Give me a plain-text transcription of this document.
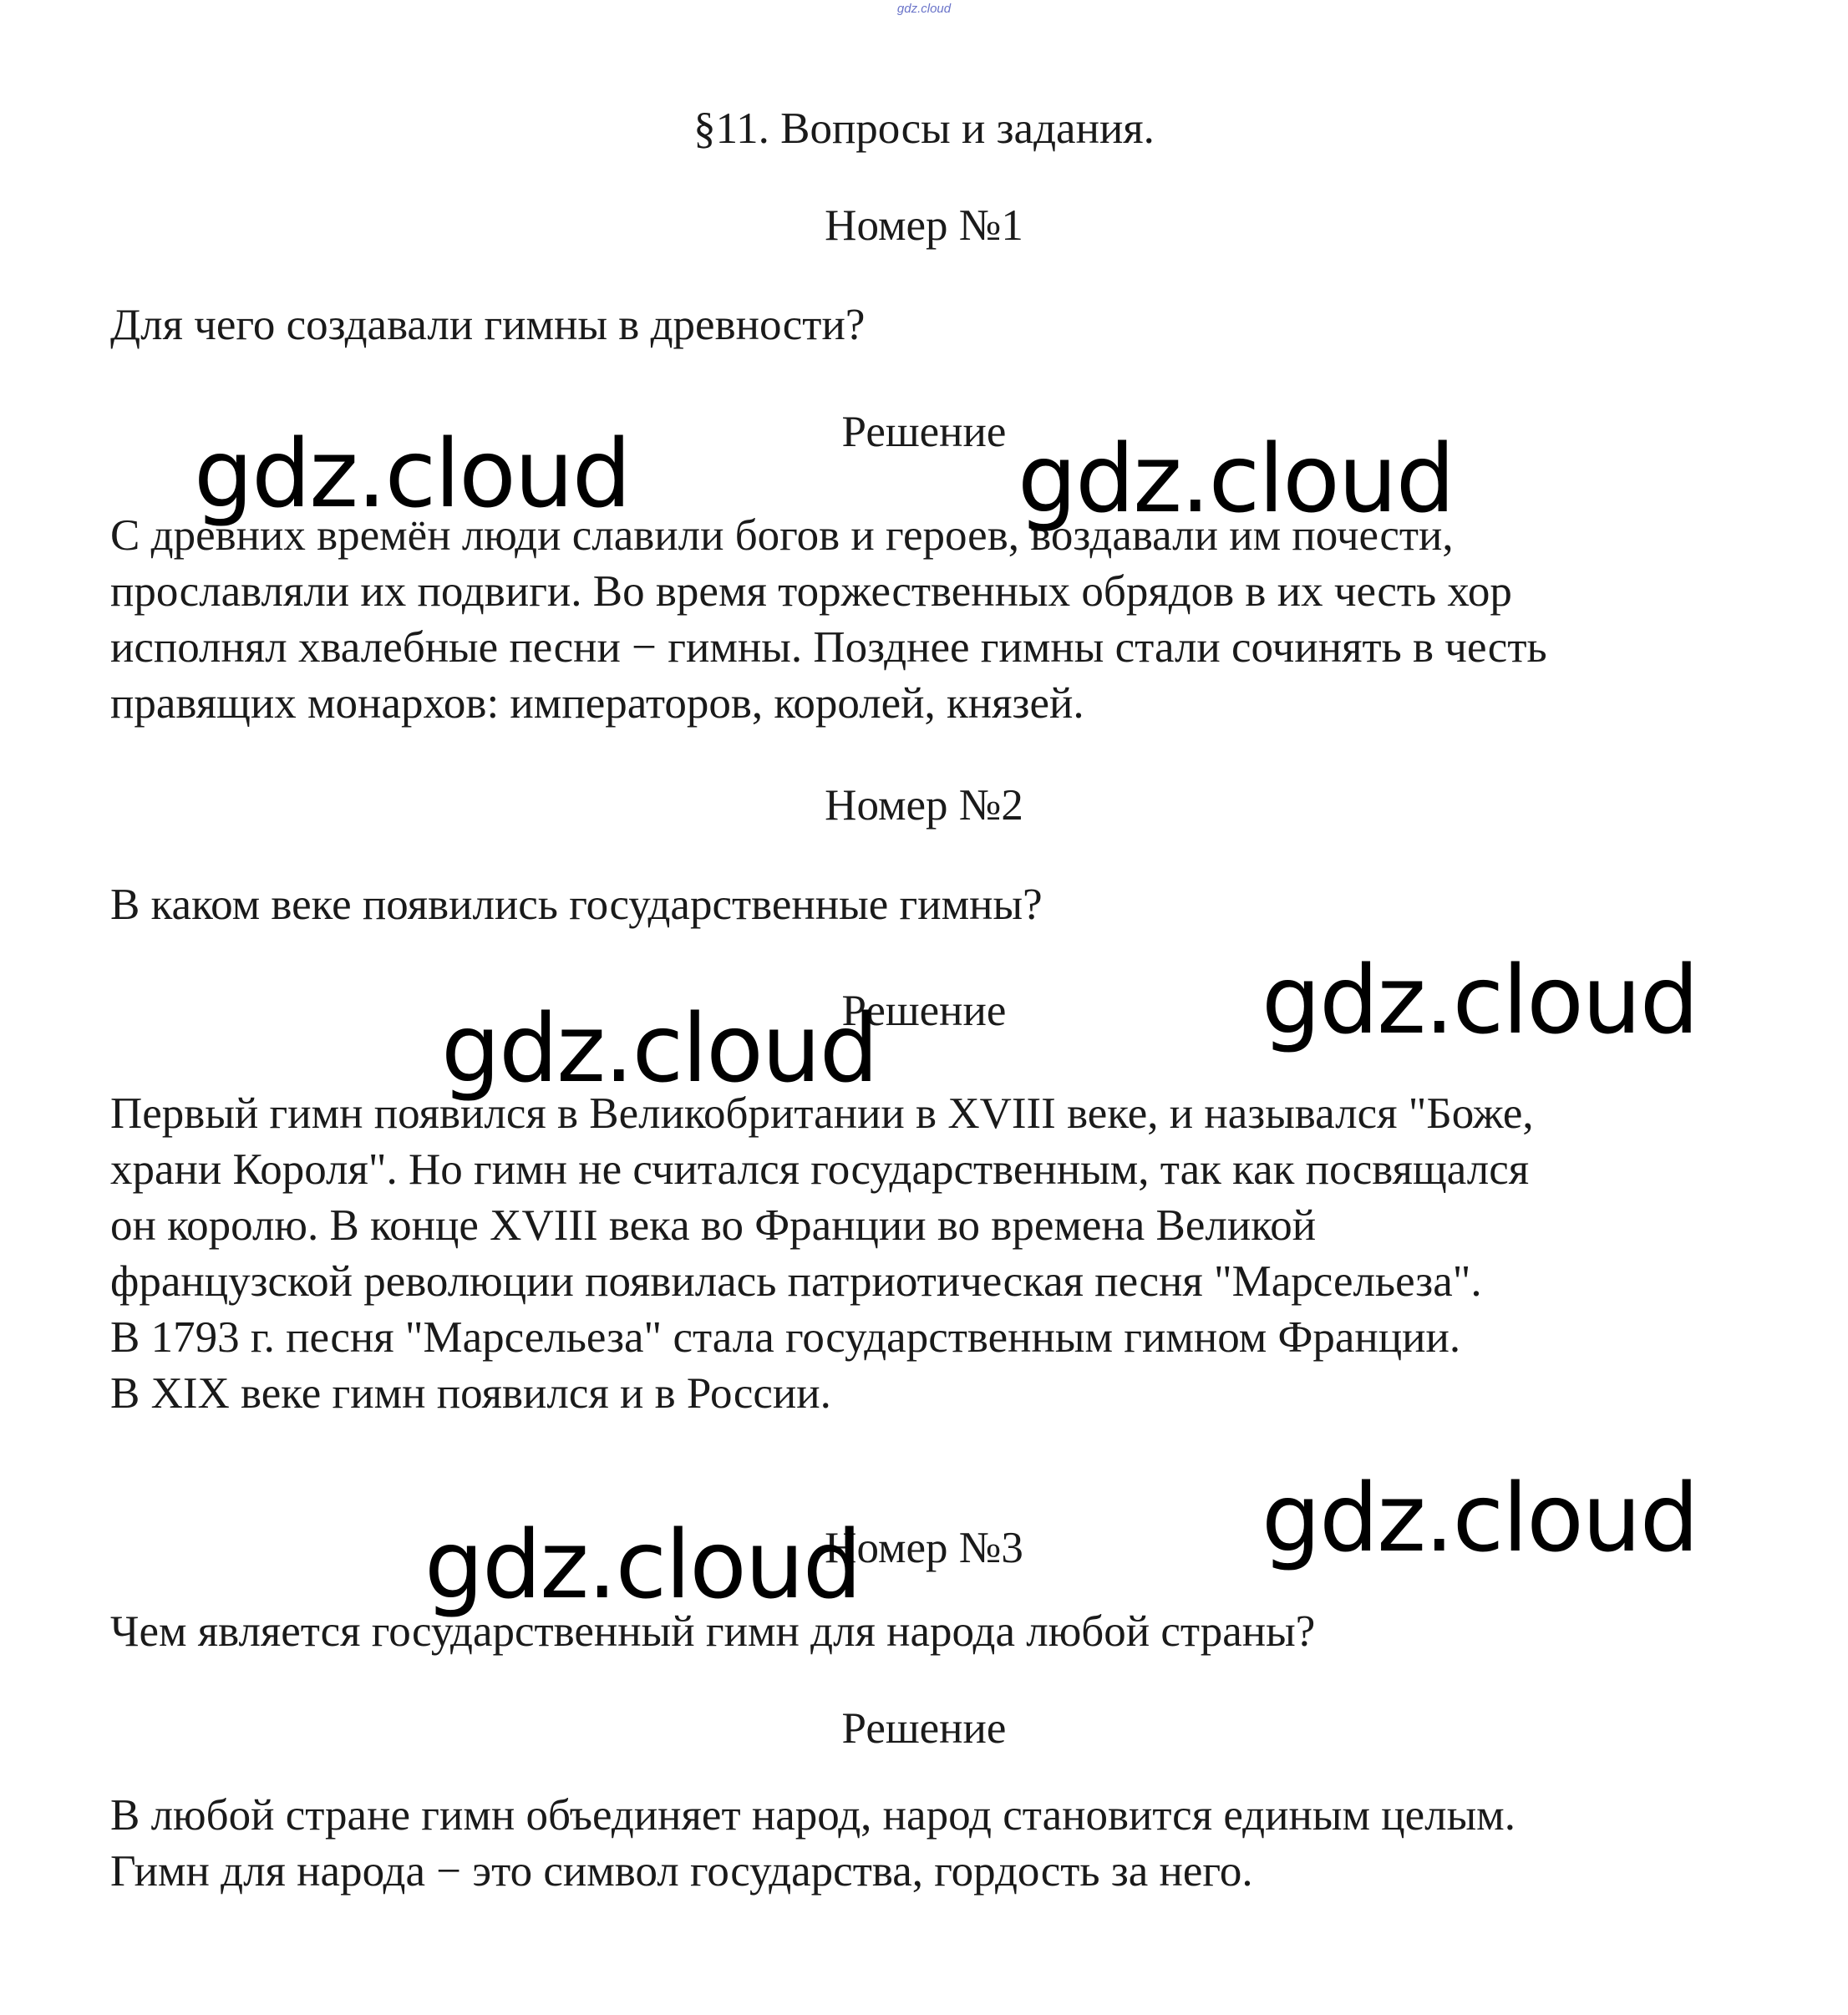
gdz.cloud
§11. Вопросы и задания.
Номер №1
Для чего создавали гимны в древности?
Решение
С древних времён люди славили богов и героев, воздавали им почести,
прославляли их подвиги. Во время торжественных обрядов в их честь хор
исполнял хвалебные песни − гимны. Позднее гимны стали сочинять в честь
правящих монархов: императоров, королей, князей.
Номер №2
В каком веке появились государственные гимны?
Решение
Первый гимн появился в Великобритании в XVIII веке, и назывался "Боже,
храни Короля". Но гимн не считался государственным, так как посвящался
он королю. В конце XVIII века во Франции во времена Великой
французской революции появилась патриотическая песня "Марсельеза".
В 1793 г. песня "Марсельеза" стала государственным гимном Франции.
В XIX веке гимн появился и в России.
Номер №3
Чем является государственный гимн для народа любой страны?
Решение
В любой стране гимн объединяет народ, народ становится единым целым.
Гимн для народа − это символ государства, гордость за него.
gdz.cloud	gdz.cloud
gdz.cloud
gdz.cloud
gdz.cloud
gdz.cloud
